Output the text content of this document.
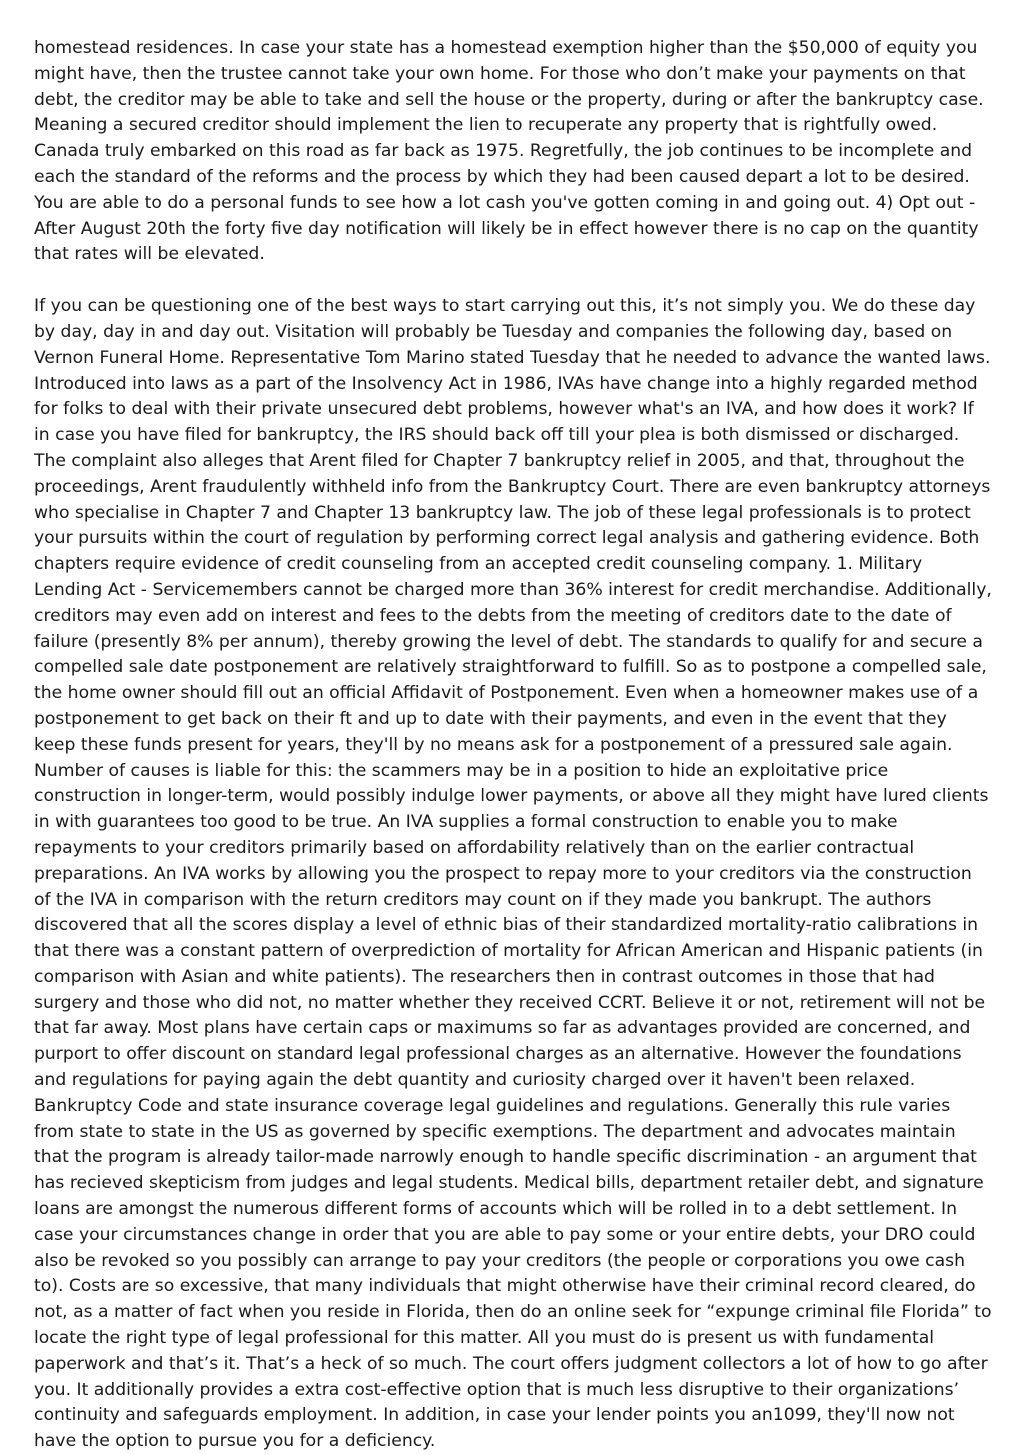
homestead residences. In case your state has a homestead exemption higher than the $50,000 of equity you might have, then the trustee cannot take your own home. For those who don’t make your payments on that debt, the creditor may be able to take and sell the house or the property, during or after the bankruptcy case. Meaning a secured creditor should implement the lien to recuperate any property that is rightfully owed. Canada truly embarked on this road as far back as 1975. Regretfully, the job continues to be incomplete and each the standard of the reforms and the process by which they had been caused depart a lot to be desired. You are able to do a personal funds to see how a lot cash you've gotten coming in and going out. 4) Opt out - After August 20th the forty five day notification will likely be in effect however there is no cap on the quantity that rates will be elevated.

If you can be questioning one of the best ways to start carrying out this, it’s not simply you. We do these day by day, day in and day out. Visitation will probably be Tuesday and companies the following day, based on Vernon Funeral Home. Representative Tom Marino stated Tuesday that he needed to advance the wanted laws. Introduced into laws as a part of the Insolvency Act in 1986, IVAs have change into a highly regarded method for folks to deal with their private unsecured debt problems, however what's an IVA, and how does it work? If in case you have filed for bankruptcy, the IRS should back off till your plea is both dismissed or discharged. The complaint also alleges that Arent filed for Chapter 7 bankruptcy relief in 2005, and that, throughout the proceedings, Arent fraudulently withheld info from the Bankruptcy Court. There are even bankruptcy attorneys who specialise in Chapter 7 and Chapter 13 bankruptcy law. The job of these legal professionals is to protect your pursuits within the court of regulation by performing correct legal analysis and gathering evidence. Both chapters require evidence of credit counseling from an accepted credit counseling company. 1. Military Lending Act - Servicemembers cannot be charged more than 36% interest for credit merchandise. Additionally, creditors may even add on interest and fees to the debts from the meeting of creditors date to the date of failure (presently 8% per annum), thereby growing the level of debt. The standards to qualify for and secure a compelled sale date postponement are relatively straightforward to fulfill. So as to postpone a compelled sale, the home owner should fill out an official Affidavit of Postponement. Even when a homeowner makes use of a postponement to get back on their ft and up to date with their payments, and even in the event that they keep these funds present for years, they'll by no means ask for a postponement of a pressured sale again. Number of causes is liable for this: the scammers may be in a position to hide an exploitative price construction in longer-term, would possibly indulge lower payments, or above all they might have lured clients in with guarantees too good to be true. An IVA supplies a formal construction to enable you to make repayments to your creditors primarily based on affordability relatively than on the earlier contractual preparations. An IVA works by allowing you the prospect to repay more to your creditors via the construction of the IVA in comparison with the return creditors may count on if they made you bankrupt. The authors discovered that all the scores display a level of ethnic bias of their standardized mortality-ratio calibrations in that there was a constant pattern of overprediction of mortality for African American and Hispanic patients (in comparison with Asian and white patients). The researchers then in contrast outcomes in those that had surgery and those who did not, no matter whether they received CCRT. Believe it or not, retirement will not be that far away. Most plans have certain caps or maximums so far as advantages provided are concerned, and purport to offer discount on standard legal professional charges as an alternative. However the foundations and regulations for paying again the debt quantity and curiosity charged over it haven't been relaxed. Bankruptcy Code and state insurance coverage legal guidelines and regulations. Generally this rule varies from state to state in the US as governed by specific exemptions. The department and advocates maintain that the program is already tailor-made narrowly enough to handle specific discrimination - an argument that has recieved skepticism from judges and legal students. Medical bills, department retailer debt, and signature loans are amongst the numerous different forms of accounts which will be rolled in to a debt settlement. In case your circumstances change in order that you are able to pay some or your entire debts, your DRO could also be revoked so you possibly can arrange to pay your creditors (the people or corporations you owe cash to). Costs are so excessive, that many individuals that might otherwise have their criminal record cleared, do not, as a matter of fact when you reside in Florida, then do an online seek for “expunge criminal file Florida” to locate the right type of legal professional for this matter. All you must do is present us with fundamental paperwork and that’s it. That’s a heck of so much. The court offers judgment collectors a lot of how to go after you. It additionally provides a extra cost-effective option that is much less disruptive to their organizations’ continuity and safeguards employment. In addition, in case your lender points you an1099, they'll now not have the option to pursue you for a deficiency.
